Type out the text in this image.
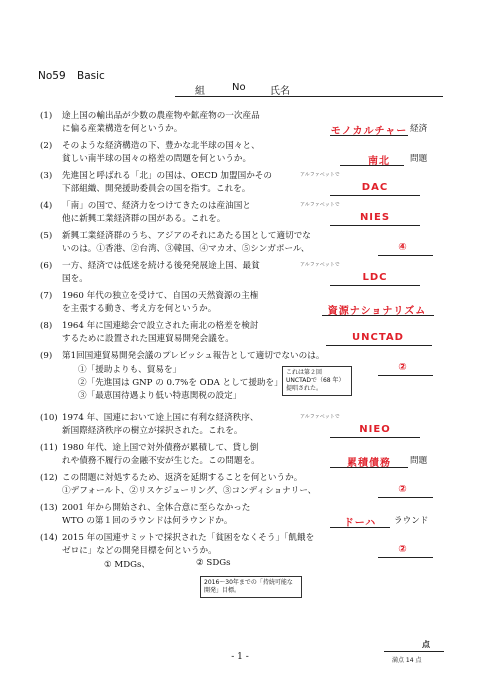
No59 Basic
組	No 氏名
(1)	途上国の輸出品が少数の農産物や鉱産物の一次産品
に偏る産業構造を何というか。
(2)	そのような経済構造の下、豊かな北半球の国々と、
貧しい南半球の国々の格差の問題を何というか。
(3)	先進国と呼ばれる「北」の国は、OECD 加盟国かその
下部組織、開発援助委員会の国を指す。これを。
(4)	「南」の国で、経済力をつけてきたのは産油国と
他に新興工業経済群の国がある。これを。
(5)	新興工業経済群のうち、アジアのそれにあたる国として適切でな
いのは。①香港、②台湾、③韓国、④マカオ、⑤シンガポール、
(6)	一方、経済では低迷を続ける後発発展途上国、最貧
国を。
(7)	1960 年代の独立を受けて、自国の天然資源の主権
を主張する動き、考え方を何というか。
(8)	1964 年に国連総会で設立された南北の格差を検討
するために設置された国連貿易開発会議を。
(9)	第1回国連貿易開発会議のプレビッシュ報告として適切でないのは。
(10) 1974 年、国連において途上国に有利な経済秩序、
新国際経済秩序の樹立が採択された。これを。
(11) 1980 年代、途上国で対外債務が累積して、貸し倒
れや債務不履行の金融不安が生じた。この問題を。
(12) この問題に対処するため、返済を延期することを何というか。
①デフォールト、②リスケジューリング、③コンディショナリー、
(13) 2001 年から開始され、全体合意に至らなかった
WTO の第１回のラウンドは何ラウンドか。
(14) 2015 年の国連サミットで採択された「貧困をなくそう」「飢餓を
ゼロに」などの開発目標を何というか。
点
満点 14 点
- 1 -
モノカルチャー 経済
南北	問題
アルファベットで
DAC
アルファベットで
NIES
④
アルファベットで
LDC
資源ナショナリズム
UNCTAD
①「援助よりも、貿易を」
②「先進国は GNP の 0.7%を ODA として援助を」
③「最恵国待遇より低い特恵関税の設定」
これは第２回 UNCTADで（68 年）提唱された。
②
アルファベットで
NIEO
累積債務	問題
②
ドーハ	ラウンド
① MDGs、	② SDGs
2016～30年までの「持続可能な開発」目標。
②
